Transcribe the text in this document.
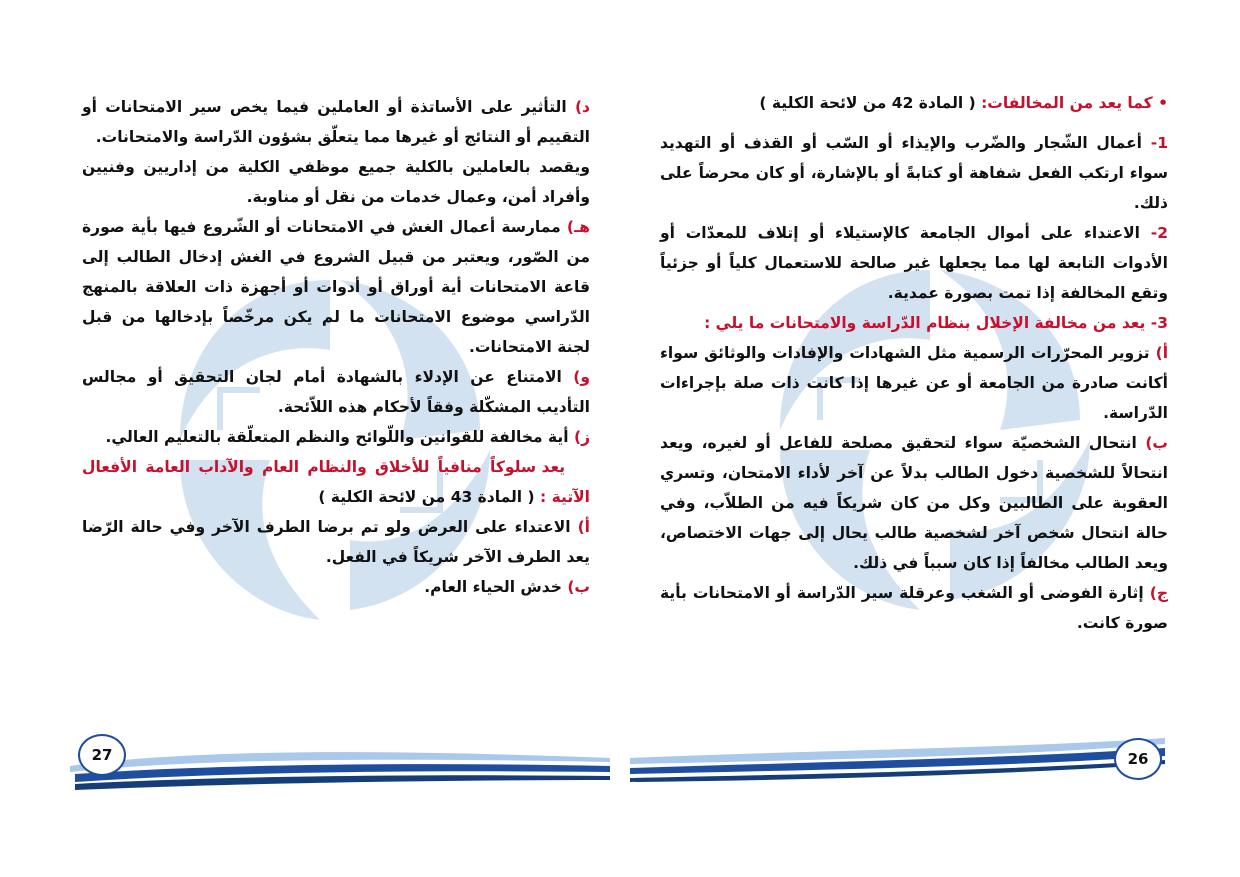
د) التأثير على الأساتذة أو العاملين فيما يخص سير الامتحانات أو التقييم أو النتائج أو غيرها مما يتعلّق بشؤون الدّراسة والامتحانات.

ويقصد بالعاملين بالكلية جميع موظفي الكلية من إداريين وفنيين وأفراد أمن، وعمال خدمات من نقل أو مناوبة.

هـ) ممارسة أعمال الغش في الامتحانات أو الشّروع فيها بأية صورة من الصّور، ويعتبر من قبيل الشروع في الغش إدخال الطالب إلى قاعة الامتحانات أية أوراق أو أدوات أو أجهزة ذات العلاقة بالمنهج الدّراسي موضوع الامتحانات ما لم يكن مرخّصاً بإدخالها من قبل لجنة الامتحانات.

و) الامتناع عن الإدلاء بالشهادة أمام لجان التحقيق أو مجالس التأديب المشكّلة وفقاً لأحكام هذه اللاّئحة.

ز) أية مخالفة للقوانين واللّوائح والنظم المتعلّقة بالتعليم العالي.

يعد سلوكاً منافياً للأخلاق والنظام العام والآداب العامة الأفعال الآتية : ( المادة 43 من لائحة الكلية )

أ) الاعتداء على العرض ولو تم برضا الطرف الآخر وفي حالة الرّضا يعد الطرف الآخر شريكاً في الفعل.

ب) خدش الحياء العام.

27

• كما يعد من المخالفات: ( المادة 42 من لائحة الكلية )

1- أعمال الشّجار والضّرب والإيذاء أو السّب أو القذف أو التهديد سواء ارتكب الفعل شفاهة أو كتابةً أو بالإشارة، أو كان محرضاً على ذلك.

2- الاعتداء على أموال الجامعة كالإستيلاء أو إتلاف للمعدّات أو الأدوات التابعة لها مما يجعلها غير صالحة للاستعمال كلياً أو جزئياً وتقع المخالفة إذا تمت بصورة عمدية.

3- يعد من مخالفة الإخلال بنظام الدّراسة والامتحانات ما يلي :

أ) تزوير المحرّرات الرسمية مثل الشهادات والإفادات والوثائق سواء أكانت صادرة من الجامعة أو عن غيرها إذا كانت ذات صلة بإجراءات الدّراسة.

ب) انتحال الشخصيّة سواء لتحقيق مصلحة للفاعل أو لغيره، ويعد انتحالاً للشخصية دخول الطالب بدلاً عن آخر لأداء الامتحان، وتسري العقوبة على الطالبين وكل من كان شريكاً فيه من الطلاّب، وفي حالة انتحال شخص آخر لشخصية طالب يحال إلى جهات الاختصاص، ويعد الطالب مخالفاً إذا كان سبباً في ذلك.

ج) إثارة الفوضى أو الشغب وعرقلة سير الدّراسة أو الامتحانات بأية صورة كانت.

26
